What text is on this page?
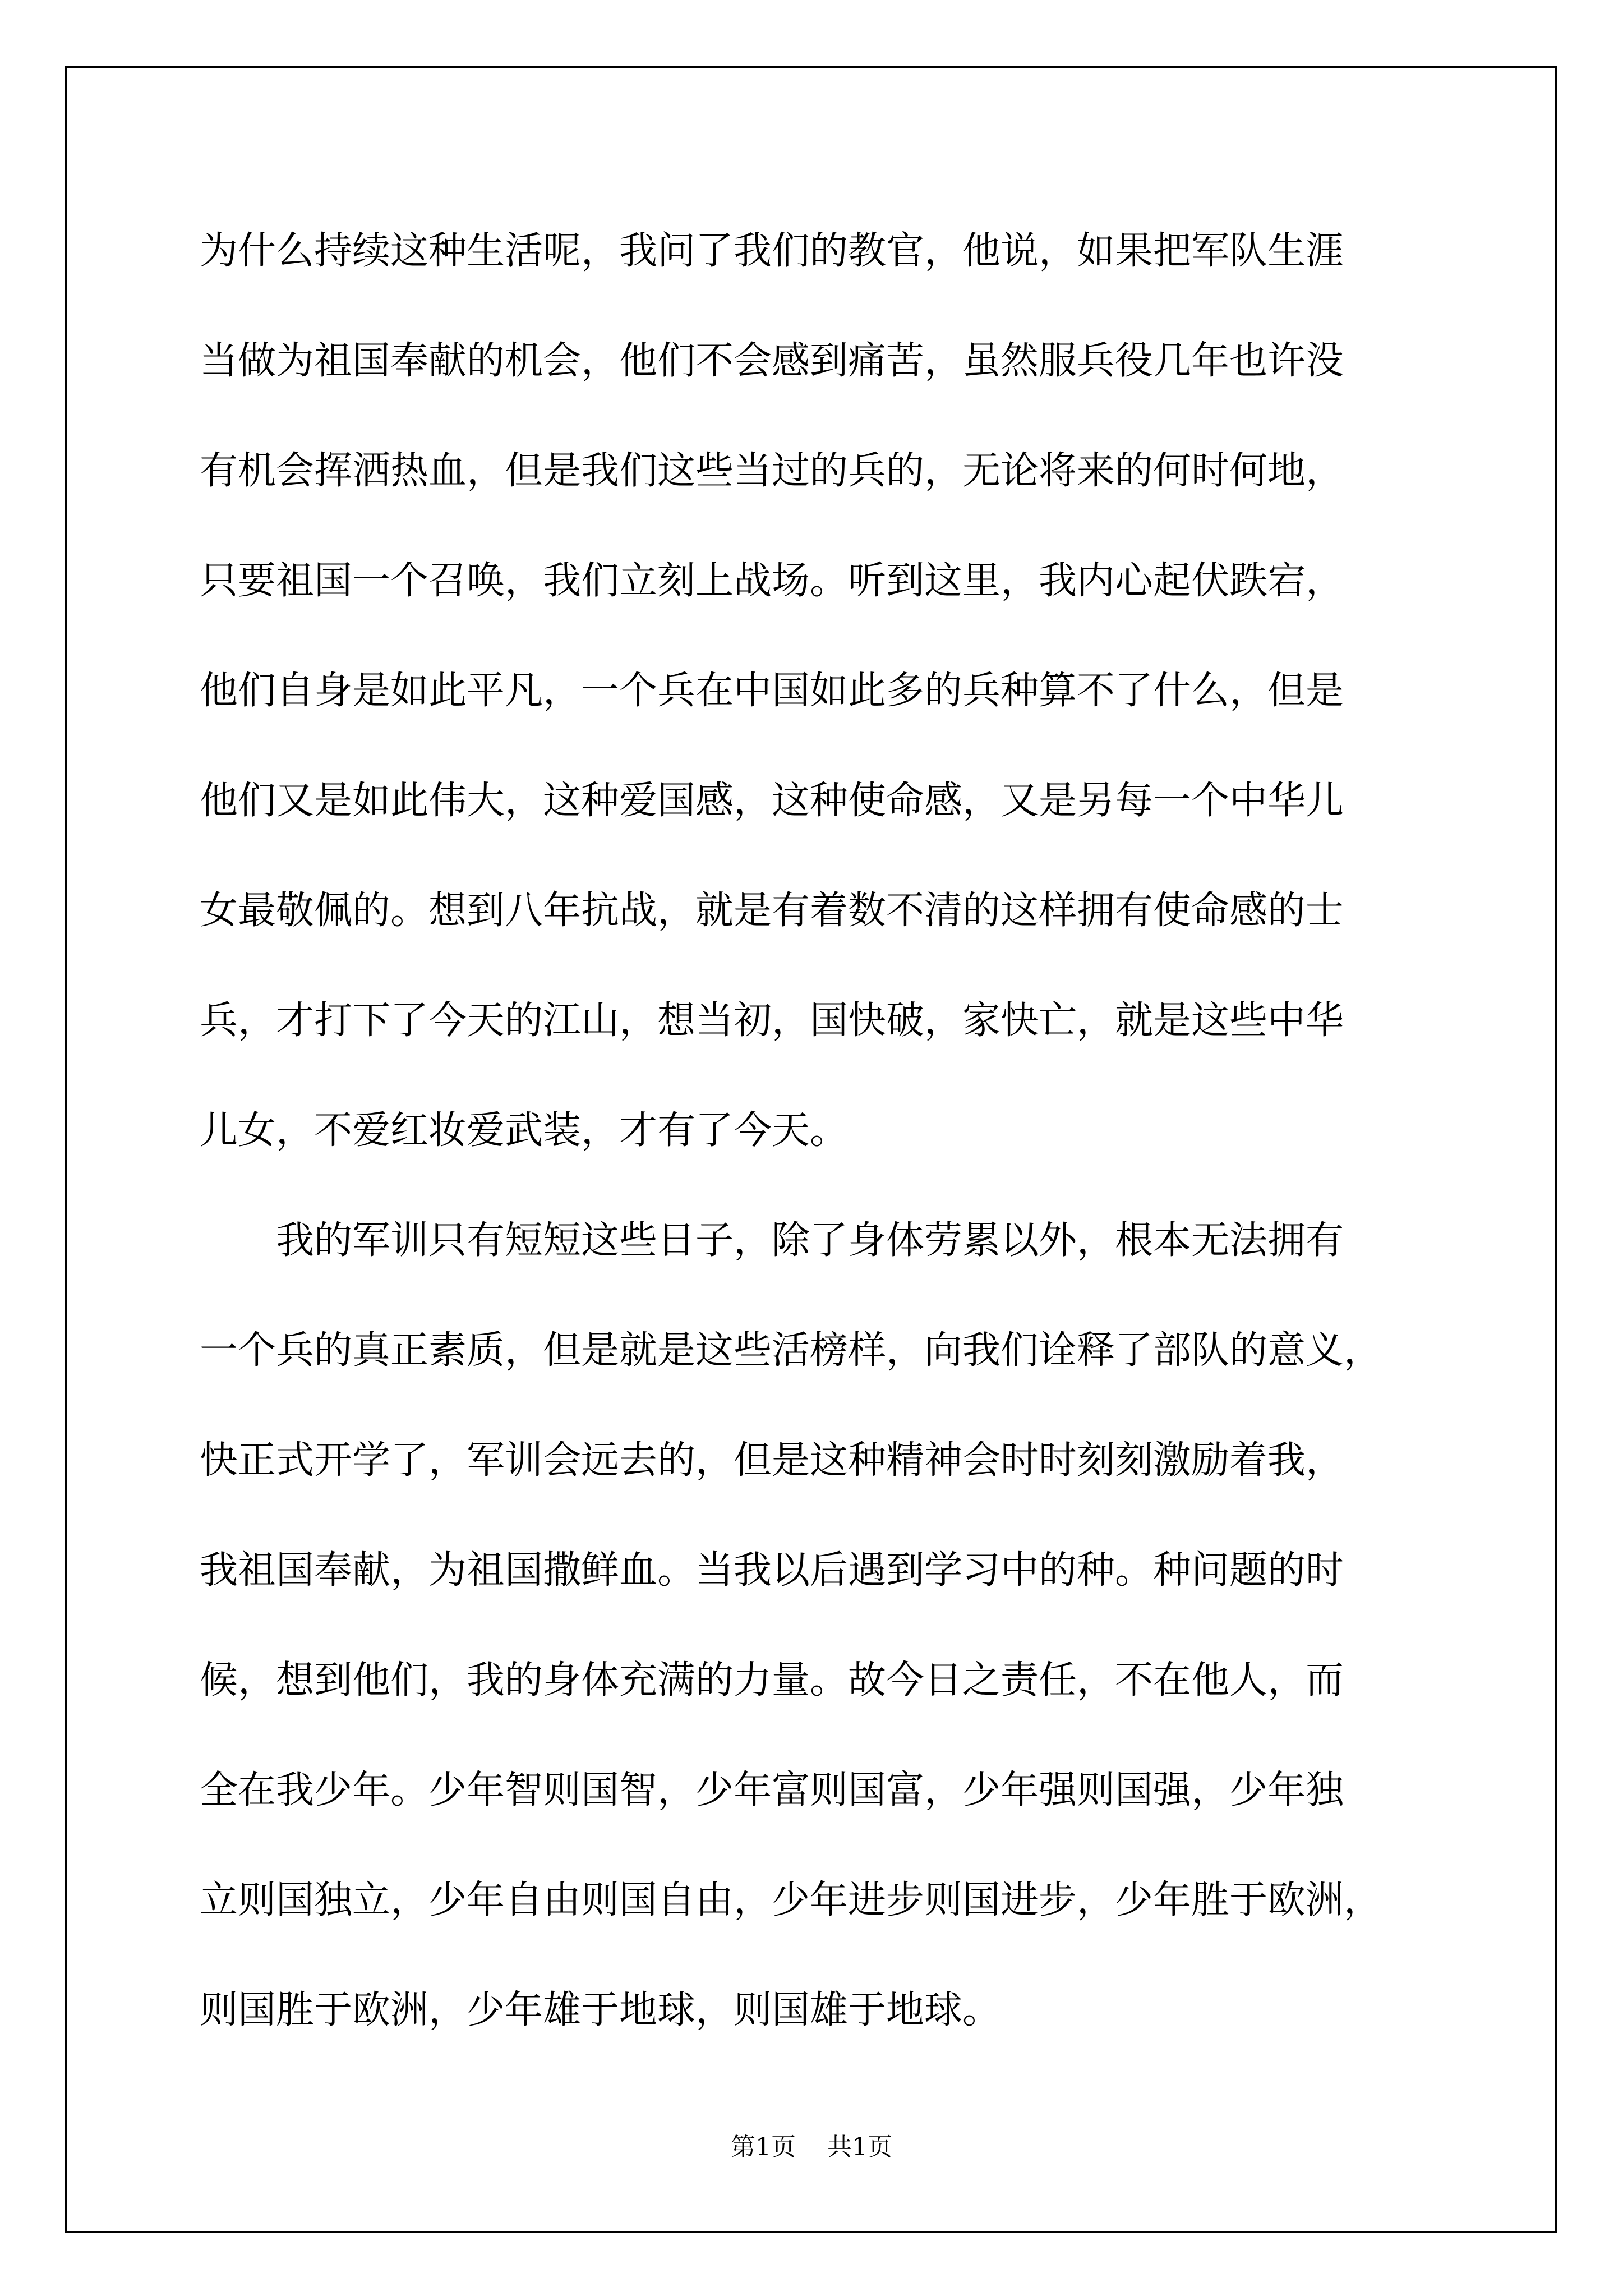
为什么持续这种生活呢，我问了我们的教官，他说，如果把军队生涯
当做为祖国奉献的机会，他们不会感到痛苦，虽然服兵役几年也许没
有机会挥洒热血，但是我们这些当过的兵的，无论将来的何时何地，
只要祖国一个召唤，我们立刻上战场。听到这里，我内心起伏跌宕，
他们自身是如此平凡，一个兵在中国如此多的兵种算不了什么，但是
他们又是如此伟大，这种爱国感，这种使命感，又是另每一个中华儿
女最敬佩的。想到八年抗战，就是有着数不清的这样拥有使命感的士
兵，才打下了今天的江山，想当初，国快破，家快亡，就是这些中华
儿女，不爱红妆爱武装，才有了今天。
我的军训只有短短这些日子，除了身体劳累以外，根本无法拥有
一个兵的真正素质，但是就是这些活榜样，向我们诠释了部队的意义，
快正式开学了，军训会远去的，但是这种精神会时时刻刻激励着我，
我祖国奉献，为祖国撒鲜血。当我以后遇到学习中的种。种问题的时
候，想到他们，我的身体充满的力量。故今日之责任，不在他人，而
全在我少年。少年智则国智，少年富则国富，少年强则国强，少年独
立则国独立，少年自由则国自由，少年进步则国进步，少年胜于欧洲，
则国胜于欧洲，少年雄于地球，则国雄于地球。
第1页 共1页
